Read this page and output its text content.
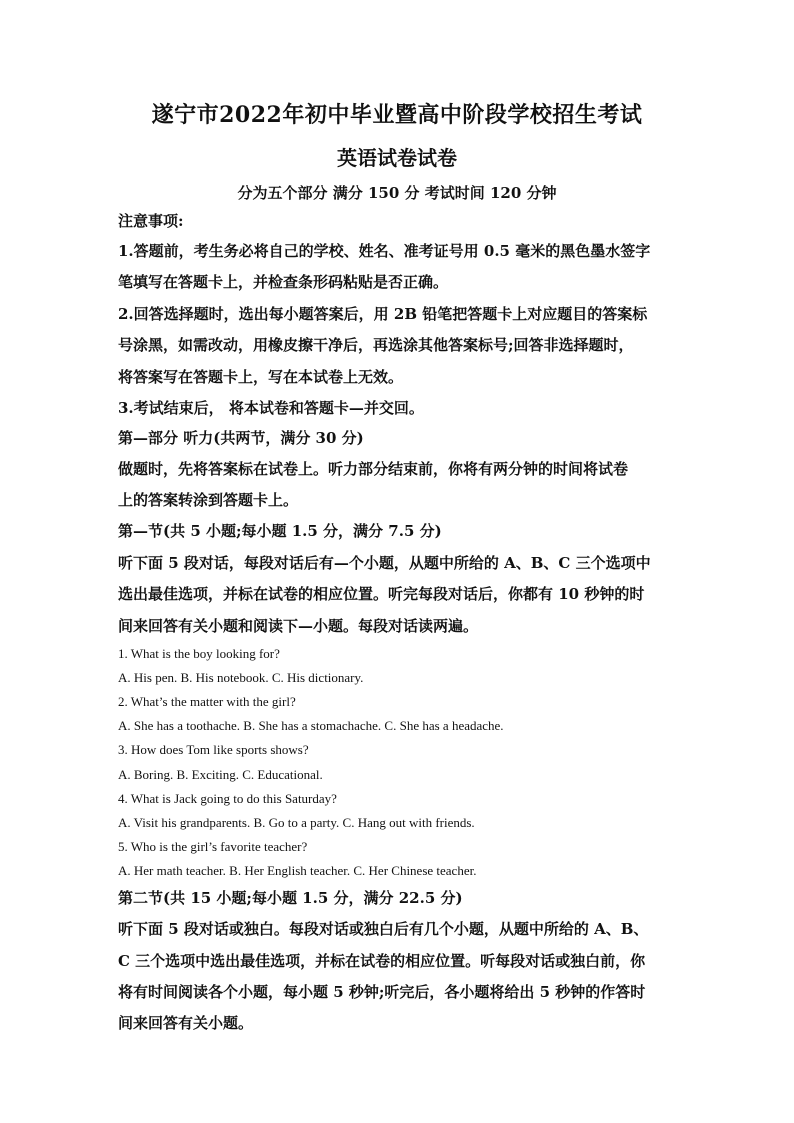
遂宁市2022年初中毕业暨高中阶段学校招生考试
英语试卷试卷
分为五个部分 满分 150 分 考试时间 120 分钟
注意事项:
1.答题前，考生务必将自己的学校、姓名、准考证号用 0.5 毫米的黑色墨水签字
笔填写在答题卡上，并检查条形码粘贴是否正确。
2.回答选择题时，选出每小题答案后，用 2B 铅笔把答题卡上对应题目的答案标
号涂黑，如需改动，用橡皮擦干净后，再选涂其他答案标号;回答非选择题时，
将答案写在答题卡上，写在本试卷上无效。
3.考试结束后， 将本试卷和答题卡—并交回。
第—部分 听力(共两节，满分 30 分)
做题时，先将答案标在试卷上。听力部分结束前，你将有两分钟的时间将试卷
上的答案转涂到答题卡上。
第—节(共 5 小题;每小题 1.5 分，满分 7.5 分)
听下面 5 段对话，每段对话后有—个小题，从题中所给的 A、B、C 三个选项中
选出最佳选项，并标在试卷的相应位置。听完每段对话后，你都有 10 秒钟的时
间来回答有关小题和阅读下—小题。每段对话读两遍。
1. What is the boy looking for?
A. His pen. B. His notebook. C. His dictionary.
2. What’s the matter with the girl?
A. She has a toothache. B. She has a stomachache. C. She has a headache.
3. How does Tom like sports shows?
A. Boring. B. Exciting. C. Educational.
4. What is Jack going to do this Saturday?
A. Visit his grandparents. B. Go to a party. C. Hang out with friends.
5. Who is the girl’s favorite teacher?
A. Her math teacher. B. Her English teacher. C. Her Chinese teacher.
第二节(共 15 小题;每小题 1.5 分，满分 22.5 分)
听下面 5 段对话或独白。每段对话或独白后有几个小题，从题中所给的 A、B、
C 三个选项中选出最佳选项，并标在试卷的相应位置。听每段对话或独白前，你
将有时间阅读各个小题，每小题 5 秒钟;听完后，各小题将给出 5 秒钟的作答时
间来回答有关小题。
